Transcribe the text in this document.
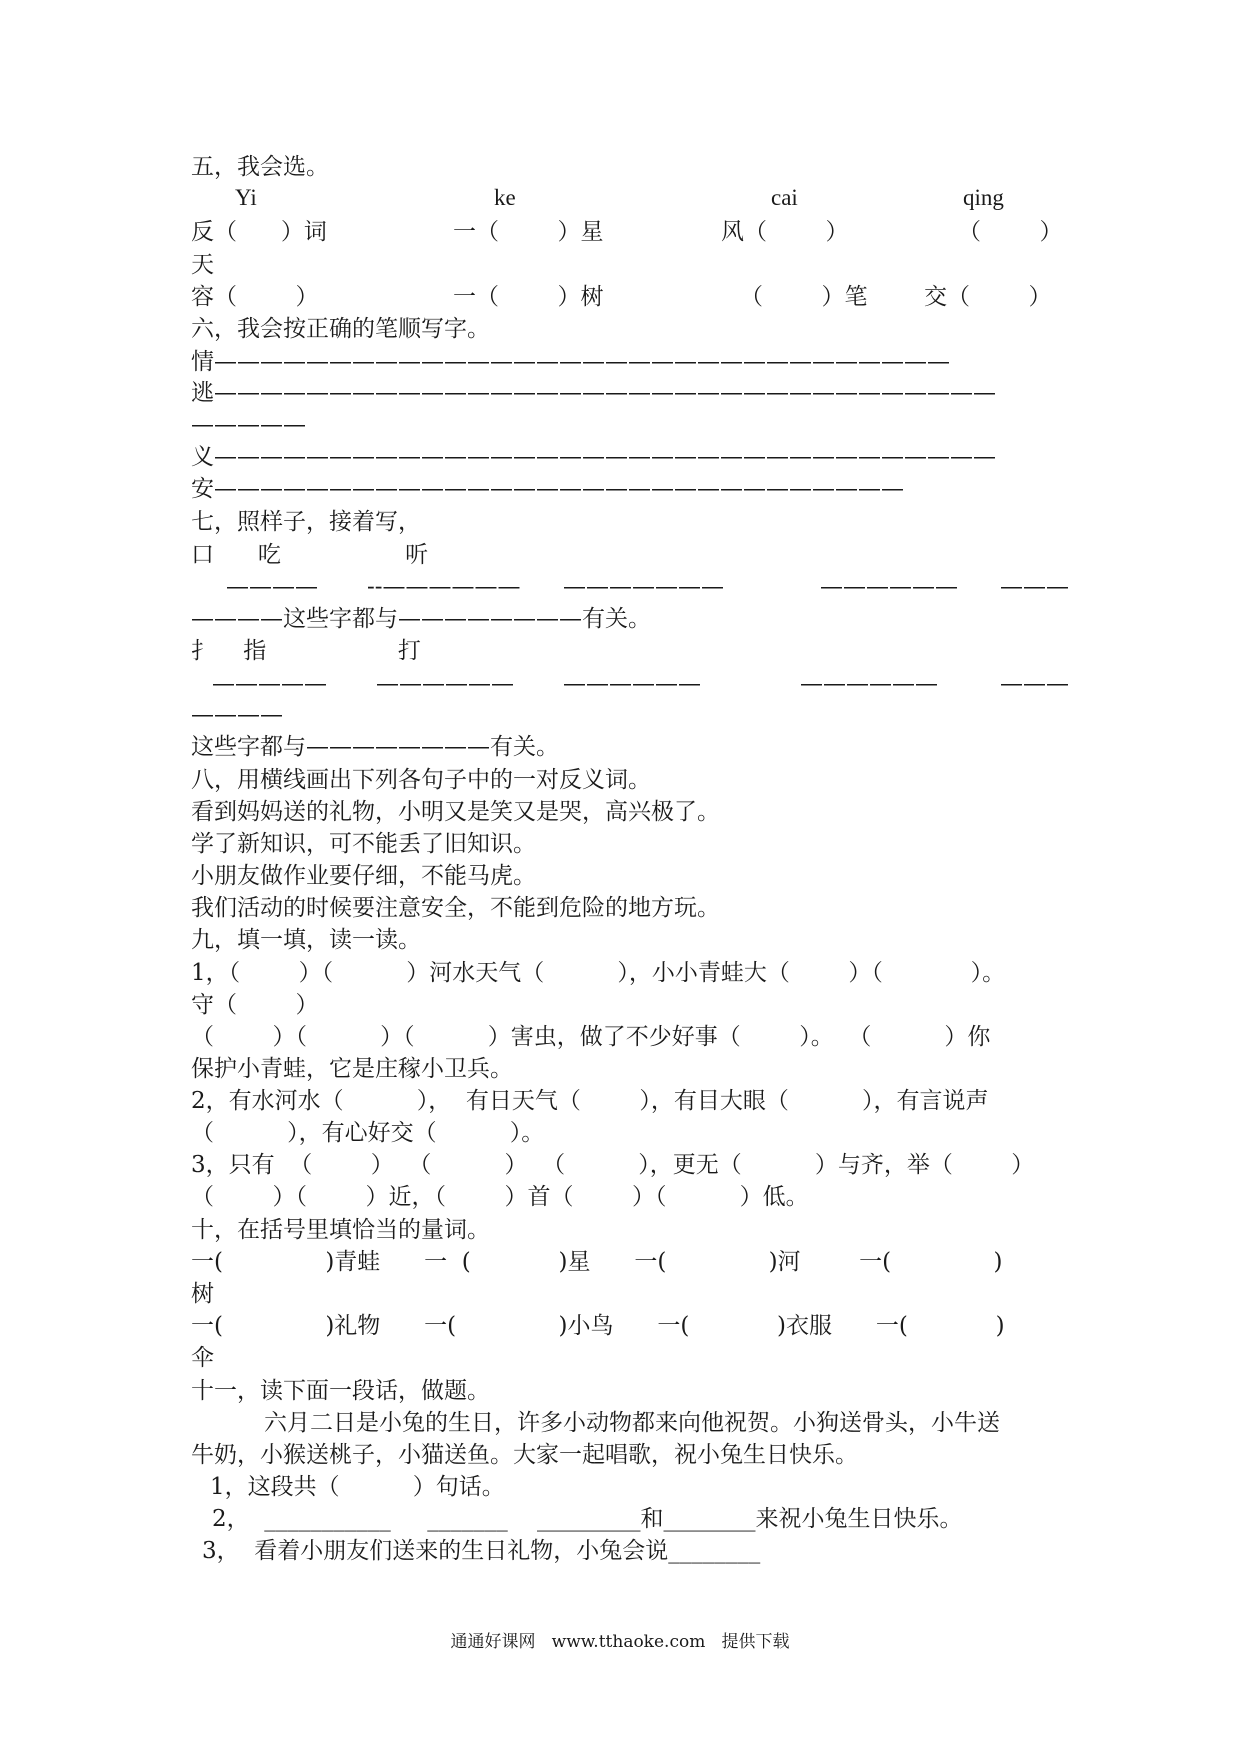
五，我会选。
Yi	ke	cai	qing
反（      ）词	一（        ）星	风（        ）	（        ）
天
容（        ）	一（        ）树	（        ）笔 交（        ）
六，我会按正确的笔顺写字。
情————————————————————————————————
逃——————————————————————————————————
—————
义——————————————————————————————————
安——————————————————————————————
七，照样子，接着写，
口      吃                 听
———— --—————— ———————	—————— ———
————这些字都与————————有关。
扌    指                  打
————— —————— ——————	——————	———
————
这些字都与————————有关。
八，用横线画出下列各句子中的一对反义词。
看到妈妈送的礼物，小明又是笑又是哭，高兴极了。
学了新知识，可不能丢了旧知识。
小朋友做作业要仔细，不能马虎。
我们活动的时候要注意安全，不能到危险的地方玩。
九，填一填，读一读。
1，（        ）（          ）河水天气（          ），小小青蛙大（        ）（            ）。
守（        ）
（        ）（          ）（          ）害虫，做了不少好事（        ）。  （          ）你
保护小青蛙，它是庄稼小卫兵。
2，有水河水（          ），  有日天气（        ），有目大眼（          ），有言说声
（          ），有心好交（          ）。
3，只有  （        ）  （          ）  （          ），更无（          ）与齐，举（        ）
（        ）（        ）近，（        ）首（        ）（          ）低。
十，在括号里填恰当的量词。
一(              )青蛙      一  (            )星      一(              )河        一(              )
树
一(              )礼物      一(              )小鸟      一(            )衣服      一(            )
伞
十一，读下面一段话，做题。
六月二日是小兔的生日，许多小动物都来向他祝贺。小狗送骨头，小牛送
牛奶，小猴送桃子，小猫送鱼。大家一起唱歌，祝小兔生日快乐。
1，这段共（          ）句话。
2，  ___________     _______    _________和________来祝小兔生日快乐。
3，  看着小朋友们送来的生日礼物，小兔会说________
通通好课网   www.tthaoke.com   提供下载
